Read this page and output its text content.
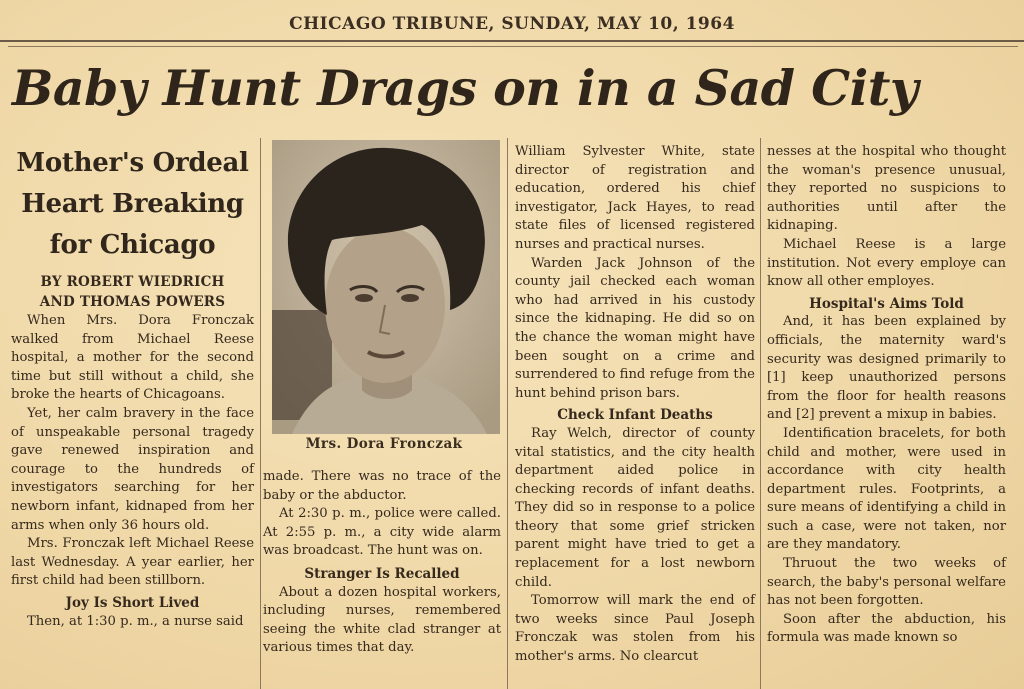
CHICAGO TRIBUNE, SUNDAY, MAY 10, 1964
Baby Hunt Drags on in a Sad City
Mother's Ordeal
Heart Breaking
for Chicago
BY ROBERT WIEDRICH
AND THOMAS POWERS

When Mrs. Dora Fronczak walked from Michael Reese hospital, a mother for the second time but still without a child, she broke the hearts of Chicagoans.

Yet, her calm bravery in the face of unspeakable personal tragedy gave renewed inspiration and courage to the hundreds of investigators searching for her newborn infant, kidnaped from her arms when only 36 hours old.

Mrs. Fronczak left Michael Reese last Wednesday. A year earlier, her first child had been stillborn.

Joy Is Short Lived

Then, at 1:30 p. m., a nurse said

Mrs. Dora Fronczak

made. There was no trace of the baby or the abductor.

At 2:30 p. m., police were called. At 2:55 p. m., a city wide alarm was broadcast. The hunt was on.

Stranger Is Recalled

About a dozen hospital workers, including nurses, remembered seeing the white clad stranger at various times that day.

William Sylvester White, state director of registration and education, ordered his chief investigator, Jack Hayes, to read state files of licensed registered nurses and practical nurses.

Warden Jack Johnson of the county jail checked each woman who had arrived in his custody since the kidnaping. He did so on the chance the woman might have been sought on a crime and surrendered to find refuge from the hunt behind prison bars.

Check Infant Deaths

Ray Welch, director of county vital statistics, and the city health department aided police in checking records of infant deaths. They did so in response to a police theory that some grief stricken parent might have tried to get a replacement for a lost newborn child.

Tomorrow will mark the end of two weeks since Paul Joseph Fronczak was stolen from his mother's arms. No clearcut

nesses at the hospital who thought the woman's presence unusual, they reported no suspicions to authorities until after the kidnaping.

Michael Reese is a large institution. Not every employe can know all other employes.

Hospital's Aims Told

And, it has been explained by officials, the maternity ward's security was designed primarily to [1] keep unauthorized persons from the floor for health reasons and [2] prevent a mixup in babies.

Identification bracelets, for both child and mother, were used in accordance with city health department rules. Footprints, a sure means of identifying a child in such a case, were not taken, nor are they mandatory.

Thruout the two weeks of search, the baby's personal welfare has not been forgotten.

Soon after the abduction, his formula was made known so
